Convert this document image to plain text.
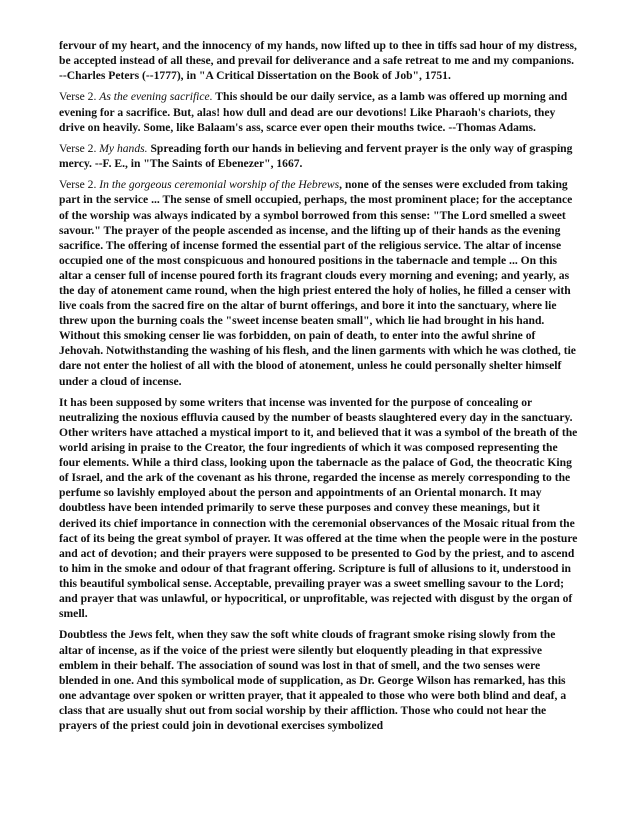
fervour of my heart, and the innocency of my hands, now lifted up to thee in tiffs sad hour of my distress, be accepted instead of all these, and prevail for deliverance and a safe retreat to me and my companions. --Charles Peters (--1777), in "A Critical Dissertation on the Book of Job", 1751.

Verse 2. As the evening sacrifice. This should be our daily service, as a lamb was offered up morning and evening for a sacrifice. But, alas! how dull and dead are our devotions! Like Pharaoh's chariots, they drive on heavily. Some, like Balaam's ass, scarce ever open their mouths twice. --Thomas Adams.

Verse 2. My hands. Spreading forth our hands in believing and fervent prayer is the only way of grasping mercy. --F. E., in "The Saints of Ebenezer", 1667.

Verse 2. In the gorgeous ceremonial worship of the Hebrews, none of the senses were excluded from taking part in the service ... The sense of smell occupied, perhaps, the most prominent place; for the acceptance of the worship was always indicated by a symbol borrowed from this sense: "The Lord smelled a sweet savour." The prayer of the people ascended as incense, and the lifting up of their hands as the evening sacrifice. The offering of incense formed the essential part of the religious service. The altar of incense occupied one of the most conspicuous and honoured positions in the tabernacle and temple ... On this altar a censer full of incense poured forth its fragrant clouds every morning and evening; and yearly, as the day of atonement came round, when the high priest entered the holy of holies, he filled a censer with live coals from the sacred fire on the altar of burnt offerings, and bore it into the sanctuary, where lie threw upon the burning coals the "sweet incense beaten small", which lie had brought in his hand. Without this smoking censer lie was forbidden, on pain of death, to enter into the awful shrine of Jehovah. Notwithstanding the washing of his flesh, and the linen garments with which he was clothed, tie dare not enter the holiest of all with the blood of atonement, unless he could personally shelter himself under a cloud of incense.

It has been supposed by some writers that incense was invented for the purpose of concealing or neutralizing the noxious effluvia caused by the number of beasts slaughtered every day in the sanctuary. Other writers have attached a mystical import to it, and believed that it was a symbol of the breath of the world arising in praise to the Creator, the four ingredients of which it was composed representing the four elements. While a third class, looking upon the tabernacle as the palace of God, the theocratic King of Israel, and the ark of the covenant as his throne, regarded the incense as merely corresponding to the perfume so lavishly employed about the person and appointments of an Oriental monarch. It may doubtless have been intended primarily to serve these purposes and convey these meanings, but it derived its chief importance in connection with the ceremonial observances of the Mosaic ritual from the fact of its being the great symbol of prayer. It was offered at the time when the people were in the posture and act of devotion; and their prayers were supposed to be presented to God by the priest, and to ascend to him in the smoke and odour of that fragrant offering. Scripture is full of allusions to it, understood in this beautiful symbolical sense. Acceptable, prevailing prayer was a sweet smelling savour to the Lord; and prayer that was unlawful, or hypocritical, or unprofitable, was rejected with disgust by the organ of smell.

Doubtless the Jews felt, when they saw the soft white clouds of fragrant smoke rising slowly from the altar of incense, as if the voice of the priest were silently but eloquently pleading in that expressive emblem in their behalf. The association of sound was lost in that of smell, and the two senses were blended in one. And this symbolical mode of supplication, as Dr. George Wilson has remarked, has this one advantage over spoken or written prayer, that it appealed to those who were both blind and deaf, a class that are usually shut out from social worship by their affliction. Those who could not hear the prayers of the priest could join in devotional exercises symbolized
